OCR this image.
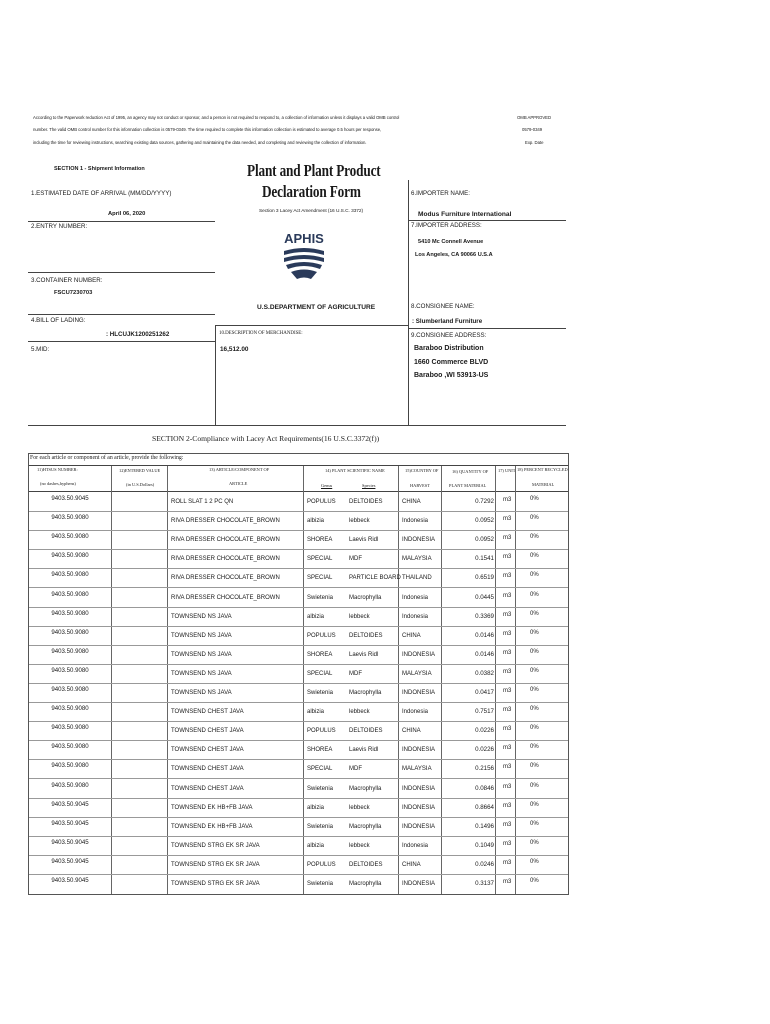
According to the Paperwork reduction Act of 1995, an agency may not conduct or sponsor, and a person is not required to respond to, a collection of information unless it displays a valid OMB control
number. The valid OMB control number for this information collection is 0579-0349. The time required to complete this information collection is estimated to average 0.5 hours per response,
including the time for reviewing instructions, searching existing data sources, gathering and maintaining the data needed, and completing and reviewing the collection of information.
OMB APPROVED
0579-0349
Exp. Date
Plant and Plant Product
Declaration Form
Section 3 Lacey Act Amendment (16 U.S.C. 3372)
SECTION 1 - Shipment Information
APHIS
U.S.DEPARTMENT OF AGRICULTURE
1.ESTIMATED DATE OF ARRIVAL (MM/DD/YYYY)
April 06, 2020
2.ENTRY NUMBER:
3.CONTAINER NUMBER:
FSCU7230703
4.BILL OF LADING:
: HLCUJK1200251262
5.MID:
10.DESCRIPTION OF MERCHANDISE:
16,512.00
6.IMPORTER NAME:
Modus Furniture International
7.IMPORTER ADDRESS:
5410 Mc Connell Avenue
Los Angeles, CA 90066 U.S.A
8.CONSIGNEE NAME:
: Slumberland Furniture
9.CONSIGNEE ADDRESS:
Baraboo Distribution
1660 Commerce BLVD
Baraboo ,WI 53913-US
SECTION 2-Compliance with Lacey Act Requirements(16 U.S.C.3372(f))
For each article or component of an article, provide the following:
11)HTSUS NUMBER:
(no dashes,hyphens)
12)ENTERED VALUE
(in U.S.Dollars)
13) ARTICLE/COMPONENT OF
ARTICLE
14) PLANT SCIENTIFIC NAME
Genus	Species
15)COUNTRY OF
HARVEST
16) QUANTITY OF
PLANT MATERIAL
17) UNIT 18) PERCENT RECYCLED
MATERIAL
9403.50.9045	ROLL SLAT 1 2 PC QN	POPULUS DELTOIDES	CHINA	0.7292 m3	0%
9403.50.9080	RIVA DRESSER CHOCOLATE_BROWN	albizia	lebbeck	Indonesia	0.0952 m3	0%
9403.50.9080	RIVA DRESSER CHOCOLATE_BROWN	SHOREA	Laevis Ridl	INDONESIA	0.0952 m3	0%
9403.50.9080	RIVA DRESSER CHOCOLATE_BROWN	SPECIAL	MDF	MALAYSIA	0.1541 m3	0%
9403.50.9080	RIVA DRESSER CHOCOLATE_BROWN	SPECIAL	PARTICLE BOARD THAILAND	0.6519 m3	0%
9403.50.9080	RIVA DRESSER CHOCOLATE_BROWN	Swietenia	Macrophylla	Indonesia	0.0445 m3	0%
9403.50.9080	TOWNSEND NS JAVA	albizia	lebbeck	Indonesia	0.3369 m3	0%
9403.50.9080	TOWNSEND NS JAVA	POPULUS DELTOIDES	CHINA	0.0146 m3	0%
9403.50.9080	TOWNSEND NS JAVA	SHOREA	Laevis Ridl	INDONESIA	0.0146 m3	0%
9403.50.9080	TOWNSEND NS JAVA	SPECIAL	MDF	MALAYSIA	0.0382 m3	0%
9403.50.9080	TOWNSEND NS JAVA	Swietenia	Macrophylla	INDONESIA	0.0417 m3	0%
9403.50.9080	TOWNSEND CHEST JAVA	albizia	lebbeck	Indonesia	0.7517 m3	0%
9403.50.9080	TOWNSEND CHEST JAVA	POPULUS DELTOIDES	CHINA	0.0226 m3	0%
9403.50.9080	TOWNSEND CHEST JAVA	SHOREA	Laevis Ridl	INDONESIA	0.0226 m3	0%
9403.50.9080	TOWNSEND CHEST JAVA	SPECIAL	MDF	MALAYSIA	0.2156 m3	0%
9403.50.9080	TOWNSEND CHEST JAVA	Swietenia	Macrophylla	INDONESIA	0.0846 m3	0%
9403.50.9045	TOWNSEND EK HB+FB JAVA	albizia	lebbeck	INDONESIA	0.8664 m3	0%
9403.50.9045	TOWNSEND EK HB+FB JAVA	Swietenia	Macrophylla	INDONESIA	0.1496 m3	0%
9403.50.9045	TOWNSEND STRG EK SR JAVA	albizia	lebbeck	Indonesia	0.1049 m3	0%
9403.50.9045	TOWNSEND STRG EK SR JAVA	POPULUS DELTOIDES	CHINA	0.0246 m3	0%
9403.50.9045	TOWNSEND STRG EK SR JAVA	Swietenia	Macrophylla	INDONESIA	0.3137 m3	0%
